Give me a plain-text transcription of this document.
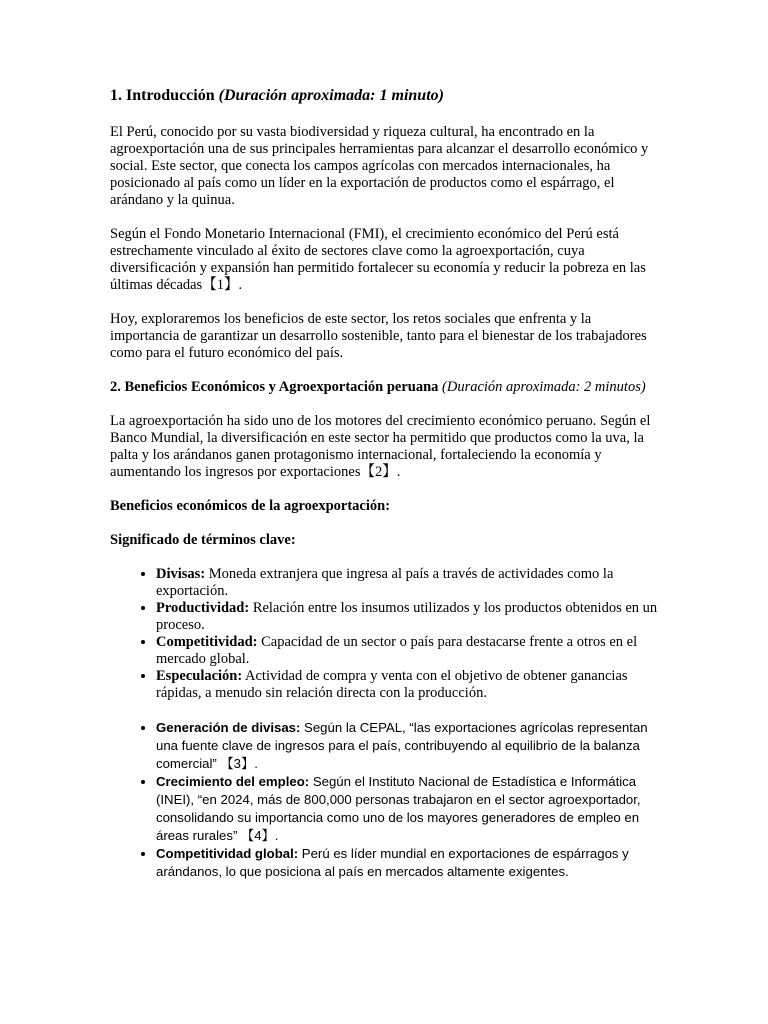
1. Introducción (Duración aproximada: 1 minuto)

El Perú, conocido por su vasta biodiversidad y riqueza cultural, ha encontrado en la agroexportación una de sus principales herramientas para alcanzar el desarrollo económico y social. Este sector, que conecta los campos agrícolas con mercados internacionales, ha posicionado al país como un líder en la exportación de productos como el espárrago, el arándano y la quinua.

Según el Fondo Monetario Internacional (FMI), el crecimiento económico del Perú está estrechamente vinculado al éxito de sectores clave como la agroexportación, cuya diversificación y expansión han permitido fortalecer su economía y reducir la pobreza en las últimas décadas【1】.

Hoy, exploraremos los beneficios de este sector, los retos sociales que enfrenta y la importancia de garantizar un desarrollo sostenible, tanto para el bienestar de los trabajadores como para el futuro económico del país.

2. Beneficios Económicos y Agroexportación peruana (Duración aproximada: 2 minutos)

La agroexportación ha sido uno de los motores del crecimiento económico peruano. Según el Banco Mundial, la diversificación en este sector ha permitido que productos como la uva, la palta y los arándanos ganen protagonismo internacional, fortaleciendo la economía y aumentando los ingresos por exportaciones【2】.

Beneficios económicos de la agroexportación:

Significado de términos clave:

• Divisas: Moneda extranjera que ingresa al país a través de actividades como la exportación.
• Productividad: Relación entre los insumos utilizados y los productos obtenidos en un proceso.
• Competitividad: Capacidad de un sector o país para destacarse frente a otros en el mercado global.
• Especulación: Actividad de compra y venta con el objetivo de obtener ganancias rápidas, a menudo sin relación directa con la producción.
• Generación de divisas: Según la CEPAL, “las exportaciones agrícolas representan una fuente clave de ingresos para el país, contribuyendo al equilibrio de la balanza comercial” 【3】.
• Crecimiento del empleo: Según el Instituto Nacional de Estadística e Informática (INEI), “en 2024, más de 800,000 personas trabajaron en el sector agroexportador, consolidando su importancia como uno de los mayores generadores de empleo en áreas rurales” 【4】.
• Competitividad global: Perú es líder mundial en exportaciones de espárragos y arándanos, lo que posiciona al país en mercados altamente exigentes.
